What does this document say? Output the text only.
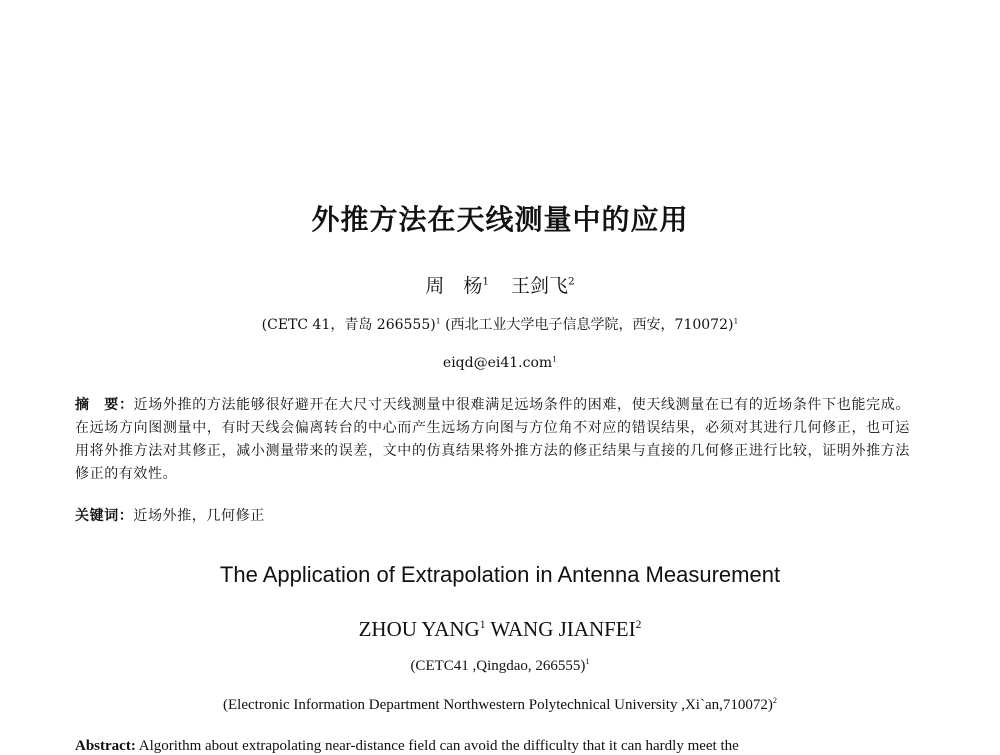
外推方法在天线测量中的应用
周　杨$^1$ 王剑飞$^2$
(CETC 41，青岛 266555)$^1$ (西北工业大学电子信息学院，西安，710072)$^1$
eiqd@ei41.com$^1$
摘　要：近场外推的方法能够很好避开在大尺寸天线测量中很难满足远场条件的困难，使天线测量在已有的近场条件下也能完成。在远场方向图测量中，有时天线会偏离转台的中心而产生远场方向图与方位角不对应的错误结果，必须对其进行几何修正，也可运用将外推方法对其修正，减小测量带来的误差，文中的仿真结果将外推方法的修正结果与直接的几何修正进行比较，证明外推方法修正的有效性。
关键词：近场外推，几何修正
The Application of Extrapolation in Antenna Measurement
ZHOU YANG$^1$ WANG JIANFEI$^2$
(CETC41 ,Qingdao, 266555)$^1$
(Electronic Information Department Northwestern Polytechnical University ,Xi`an,710072)$^2$
Abstract: Algorithm about extrapolating near-distance field can avoid the difficulty that it can hardly meet the
